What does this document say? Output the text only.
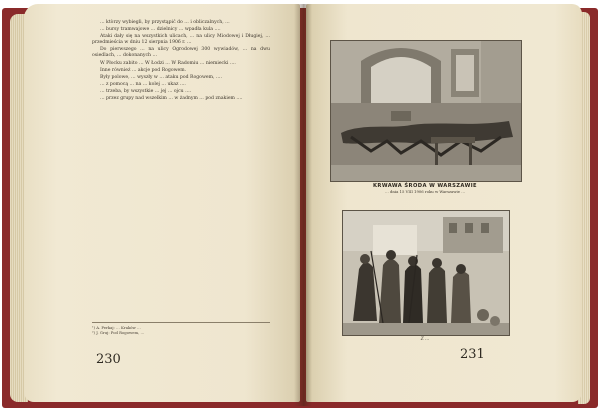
… ktòrzy wybiegli, by przystąpić do … i obliczalnych, …

… bursy tramwajowe … dzielnicy … wpadła kula ….

Ataki dały się na wszystkich ulicach, … na ulicy Miodowej i Długiej, … przedmieścia w dniu 12 sierpnia 1906 r. …

Do pierwszego … na ulicy Ogrodowej 300 wywiadów, … na dwu osiedlach, … dokonanych …

W Płocku zabito … W Łodzi … W Radomiu … niemiecki ….

Inne również … akcje pod Rogowem.

Były polowe, … wyszły w … ataku pod Rogowem, ….

… z pomocą … na … kolej … ukaz ….

… trzeba, by wszystkie … jej … ojcu ….

… przez grupy nad wszelkim … w żadnym … pod znakiem ….

¹) A. Perkaj: … Kraków …
²) J. Gruj: Pod Rogowem, …
230
KRWAWA ŚRODA W WARSZAWIE
… dnia 15 VIII 1906 roku w Warszawie …
Z …
231
